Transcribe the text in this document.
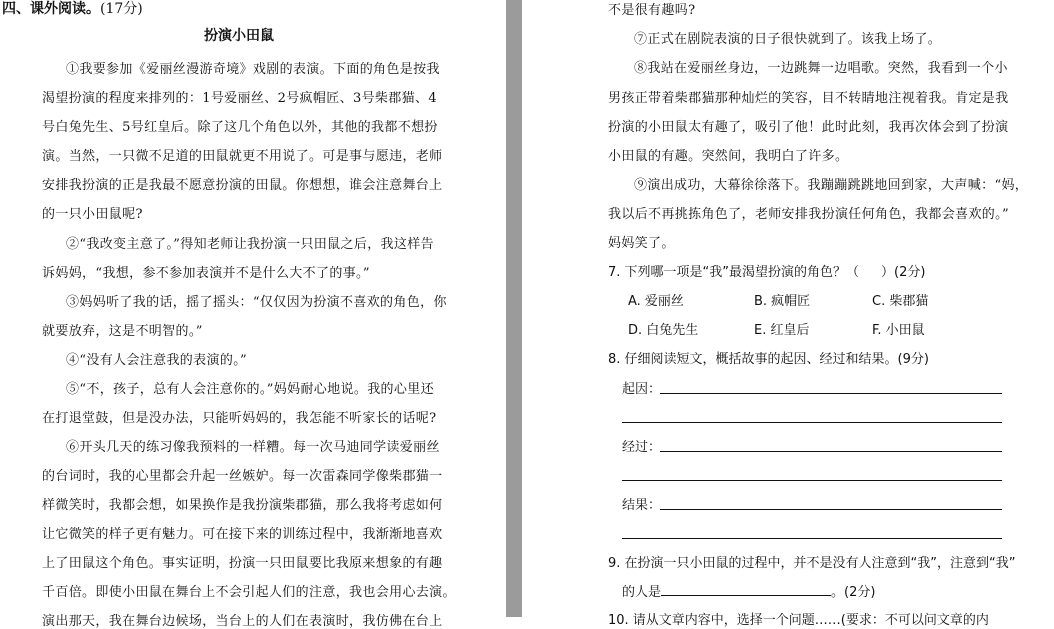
四、课外阅读。(17分)
扮演小田鼠
①我要参加《爱丽丝漫游奇境》戏剧的表演。下面的角色是按我
渴望扮演的程度来排列的：1号爱丽丝、2号疯帽匠、3号柴郡猫、4
号白兔先生、5号红皇后。除了这几个角色以外，其他的我都不想扮
演。当然，一只微不足道的田鼠就更不用说了。可是事与愿违，老师
安排我扮演的正是我最不愿意扮演的田鼠。你想想，谁会注意舞台上
的一只小田鼠呢?
②“我改变主意了。”得知老师让我扮演一只田鼠之后，我这样告
诉妈妈，“我想，参不参加表演并不是什么大不了的事。”
③妈妈听了我的话，摇了摇头：“仅仅因为扮演不喜欢的角色，你
就要放弃，这是不明智的。”
④“没有人会注意我的表演的。”
⑤“不，孩子，总有人会注意你的。”妈妈耐心地说。我的心里还
在打退堂鼓，但是没办法，只能听妈妈的，我怎能不听家长的话呢?
⑥开头几天的练习像我预料的一样糟。每一次马迪同学读爱丽丝
的台词时，我的心里都会升起一丝嫉妒。每一次雷森同学像柴郡猫一
样微笑时，我都会想，如果换作是我扮演柴郡猫，那么我将考虑如何
让它微笑的样子更有魅力。可在接下来的训练过程中，我渐渐地喜欢
上了田鼠这个角色。事实证明，扮演一只田鼠要比我原来想象的有趣
千百倍。即使小田鼠在舞台上不会引起人们的注意，我也会用心去演。
演出那天，我在舞台边候场，当台上的人们在表演时，我仿佛在台上
不是很有趣吗?
⑦正式在剧院表演的日子很快就到了。该我上场了。
⑧我站在爱丽丝身边，一边跳舞一边唱歌。突然，我看到一个小
男孩正带着柴郡猫那种灿烂的笑容，目不转睛地注视着我。肯定是我
扮演的小田鼠太有趣了，吸引了他！此时此刻，我再次体会到了扮演
小田鼠的有趣。突然间，我明白了许多。
⑨演出成功，大幕徐徐落下。我蹦蹦跳跳地回到家，大声喊：“妈，
我以后不再挑拣角色了，老师安排我扮演任何角色，我都会喜欢的。”
妈妈笑了。
7. 下列哪一项是“我”最渴望扮演的角色？（ ）(2分)
A. 爱丽丝	B. 疯帽匠	C. 柴郡猫
D. 白兔先生	E. 红皇后	F. 小田鼠
8. 仔细阅读短文，概括故事的起因、经过和结果。(9分)
起因：
经过：
结果：
9. 在扮演一只小田鼠的过程中，并不是没有人注意到“我”，注意到“我”
的人是	。(2分)
10. 请从文章内容中，选择一个问题……(要求：不可以问文章的内
